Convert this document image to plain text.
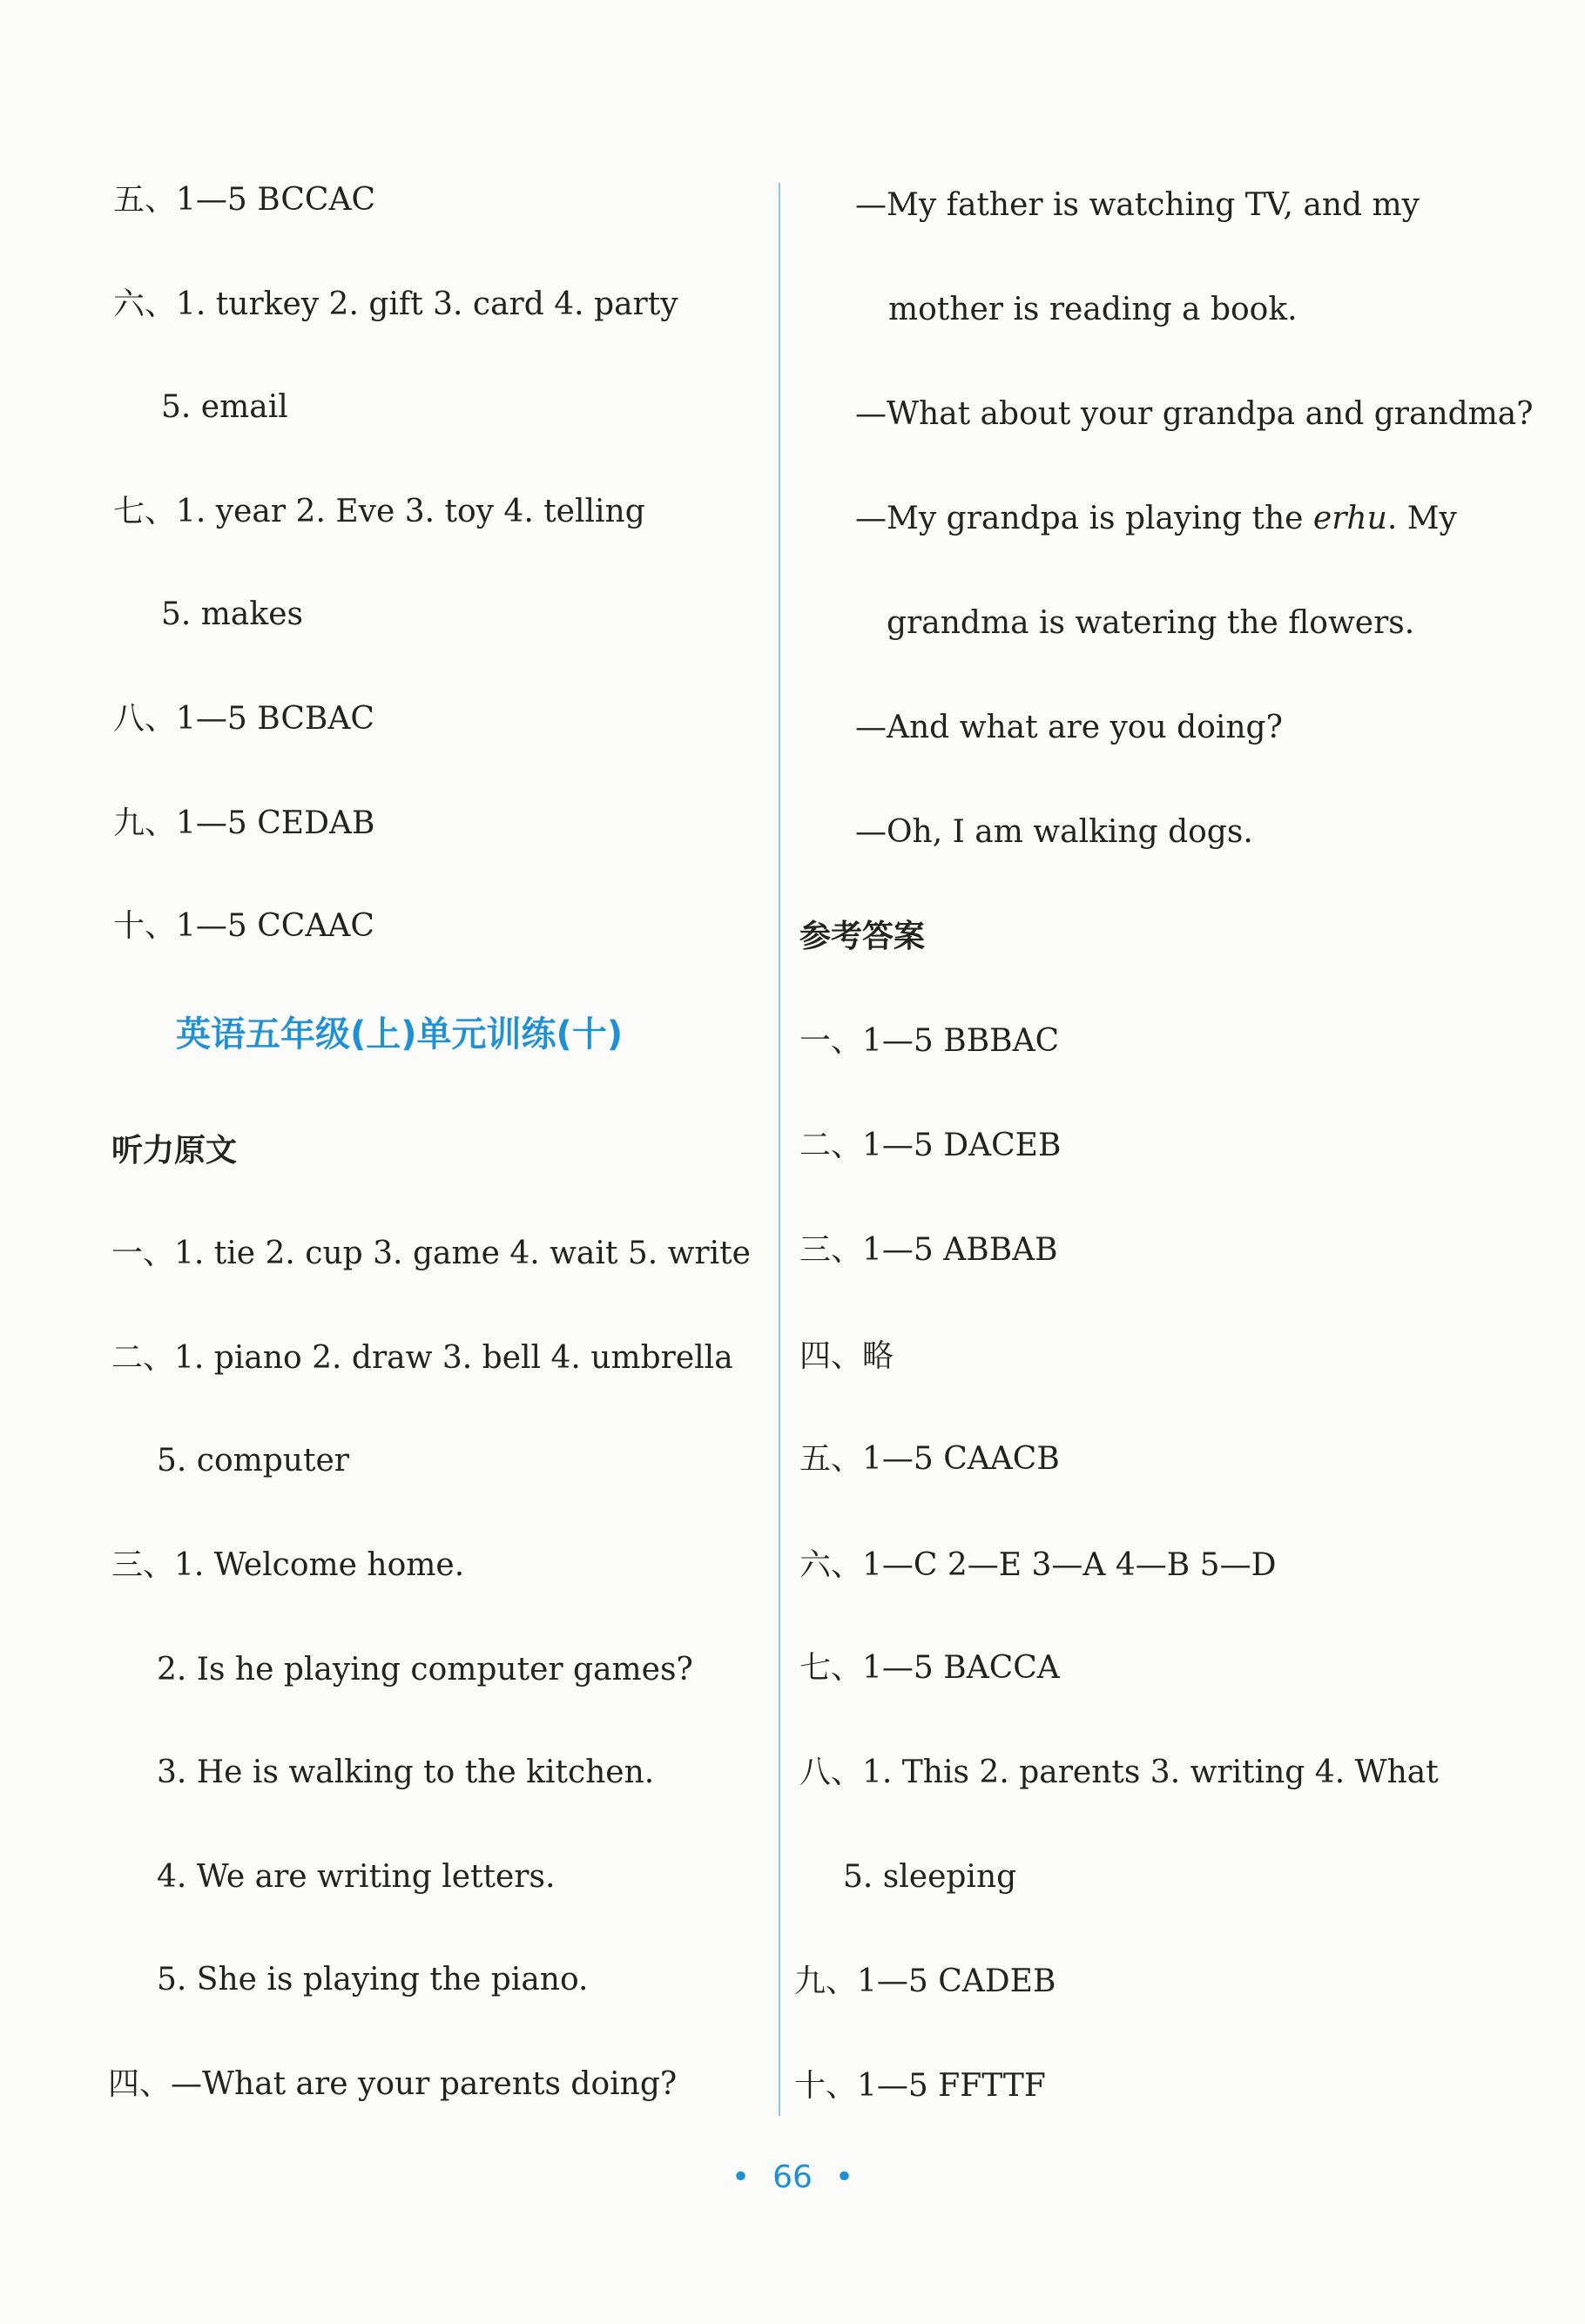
五、1—5 BCCAC
六、1. turkey 2. gift 3. card 4. party
5. email
七、1. year 2. Eve 3. toy 4. telling
5. makes
八、1—5 BCBAC
九、1—5 CEDAB
十、1—5 CCAAC
英语五年级(上)单元训练(十)
听力原文
一、1. tie 2. cup 3. game 4. wait 5. write
二、1. piano 2. draw 3. bell 4. umbrella
5. computer
三、1. Welcome home.
2. Is he playing computer games?
3. He is walking to the kitchen.
4. We are writing letters.
5. She is playing the piano.
四、—What are your parents doing?
—My father is watching TV, and my
mother is reading a book.
—What about your grandpa and grandma?
—My grandpa is playing the erhu. My
grandma is watering the flowers.
—And what are you doing?
—Oh, I am walking dogs.
参考答案
一、1—5 BBBAC
二、1—5 DACEB
三、1—5 ABBAB
四、略
五、1—5 CAACB
六、1—C 2—E 3—A 4—B 5—D
七、1—5 BACCA
八、1. This 2. parents 3. writing 4. What
5. sleeping
九、1—5 CADEB
十、1—5 FFTTF
• 66 •
